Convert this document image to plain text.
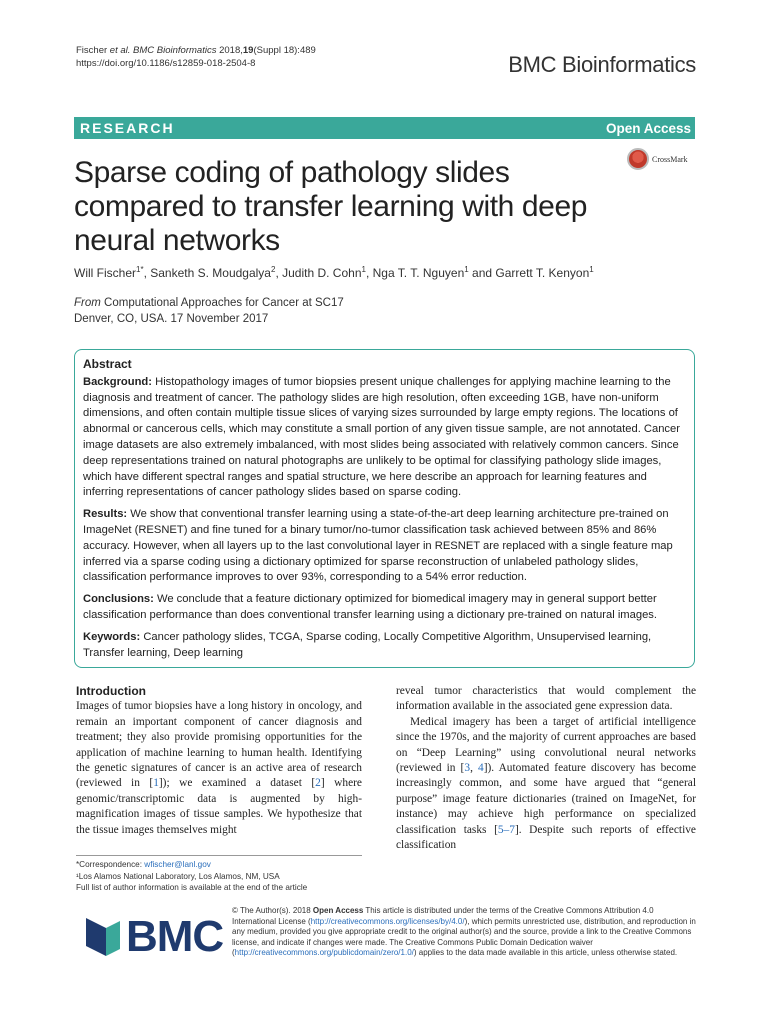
Fischer et al. BMC Bioinformatics 2018,19(Suppl 18):489
https://doi.org/10.1186/s12859-018-2504-8	BMC Bioinformatics
RESEARCH	Open Access
CrossMark
Sparse coding of pathology slides compared to transfer learning with deep neural networks
Will Fischer$^{1*}$, Sanketh S. Moudgalya$^2$, Judith D. Cohn$^1$, Nga T. T. Nguyen$^1$ and Garrett T. Kenyon$^1$
From Computational Approaches for Cancer at SC17
Denver, CO, USA. 17 November 2017
Abstract

Background: Histopathology images of tumor biopsies present unique challenges for applying machine learning to the diagnosis and treatment of cancer. The pathology slides are high resolution, often exceeding 1GB, have non-uniform dimensions, and often contain multiple tissue slices of varying sizes surrounded by large empty regions. The locations of abnormal or cancerous cells, which may constitute a small portion of any given tissue sample, are not annotated. Cancer image datasets are also extremely imbalanced, with most slides being associated with relatively common cancers. Since deep representations trained on natural photographs are unlikely to be optimal for classifying pathology slide images, which have different spectral ranges and spatial structure, we here describe an approach for learning features and inferring representations of cancer pathology slides based on sparse coding.

Results: We show that conventional transfer learning using a state-of-the-art deep learning architecture pre-trained on ImageNet (RESNET) and fine tuned for a binary tumor/no-tumor classification task achieved between 85% and 86% accuracy. However, when all layers up to the last convolutional layer in RESNET are replaced with a single feature map inferred via a sparse coding using a dictionary optimized for sparse reconstruction of unlabeled pathology slides, classification performance improves to over 93%, corresponding to a 54% error reduction.

Conclusions: We conclude that a feature dictionary optimized for biomedical imagery may in general support better classification performance than does conventional transfer learning using a dictionary pre-trained on natural images.

Keywords: Cancer pathology slides, TCGA, Sparse coding, Locally Competitive Algorithm, Unsupervised learning, Transfer learning, Deep learning

Introduction

Images of tumor biopsies have a long history in oncology, and remain an important component of cancer diagnosis and treatment; they also provide promising opportunities for the application of machine learning to human health. Identifying the genetic signatures of cancer is an active area of research (reviewed in [1]); we examined a dataset [2] where genomic/transcriptomic data is augmented by high-magnification images of tissue samples. We hypothesize that the tissue images themselves might

reveal tumor characteristics that would complement the information available in the associated gene expression data.

Medical imagery has been a target of artificial intelligence since the 1970s, and the majority of current approaches are based on “Deep Learning” using convolutional neural networks (reviewed in [3, 4]). Automated feature discovery has become increasingly common, and some have argued that “general purpose” image feature dictionaries (trained on ImageNet, for instance) may achieve high performance on specialized classification tasks [5–7]. Despite such reports of effective classification

*Correspondence: wfischer@lanl.gov
¹Los Alamos National Laboratory, Los Alamos, NM, USA
Full list of author information is available at the end of the article
BMC
© The Author(s). 2018 Open Access This article is distributed under the terms of the Creative Commons Attribution 4.0 International License (http://creativecommons.org/licenses/by/4.0/), which permits unrestricted use, distribution, and reproduction in any medium, provided you give appropriate credit to the original author(s) and the source, provide a link to the Creative Commons license, and indicate if changes were made. The Creative Commons Public Domain Dedication waiver (http://creativecommons.org/publicdomain/zero/1.0/) applies to the data made available in this article, unless otherwise stated.
